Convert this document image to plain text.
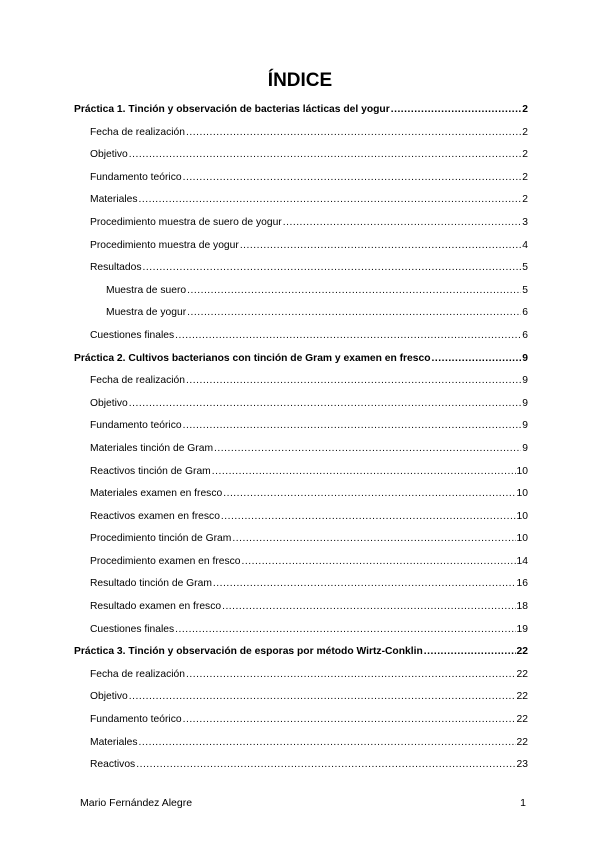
ÍNDICE
Práctica 1. Tinción y observación de bacterias lácticas del yogur .....	2
Fecha de realización .....	2
Objetivo .....	2
Fundamento teórico .....	2
Materiales .....	2
Procedimiento muestra de suero de yogur .....	3
Procedimiento muestra de yogur .....	4
Resultados .....	5
Muestra de suero .....	5
Muestra de yogur .....	6
Cuestiones finales .....	6
Práctica 2. Cultivos bacterianos con tinción de Gram y examen en fresco .....	9
Fecha de realización .....	9
Objetivo .....	9
Fundamento teórico .....	9
Materiales tinción de Gram .....	9
Reactivos tinción de Gram .....	10
Materiales examen en fresco .....	10
Reactivos examen en fresco .....	10
Procedimiento tinción de Gram .....	10
Procedimiento examen en fresco .....	14
Resultado tinción de Gram .....	16
Resultado examen en fresco .....	18
Cuestiones finales .....	19
Práctica 3. Tinción y observación de esporas por método Wirtz-Conklin .....	22
Fecha de realización .....	22
Objetivo .....	22
Fundamento teórico .....	22
Materiales .....	22
Reactivos .....	23
Mario Fernández Alegre	1
